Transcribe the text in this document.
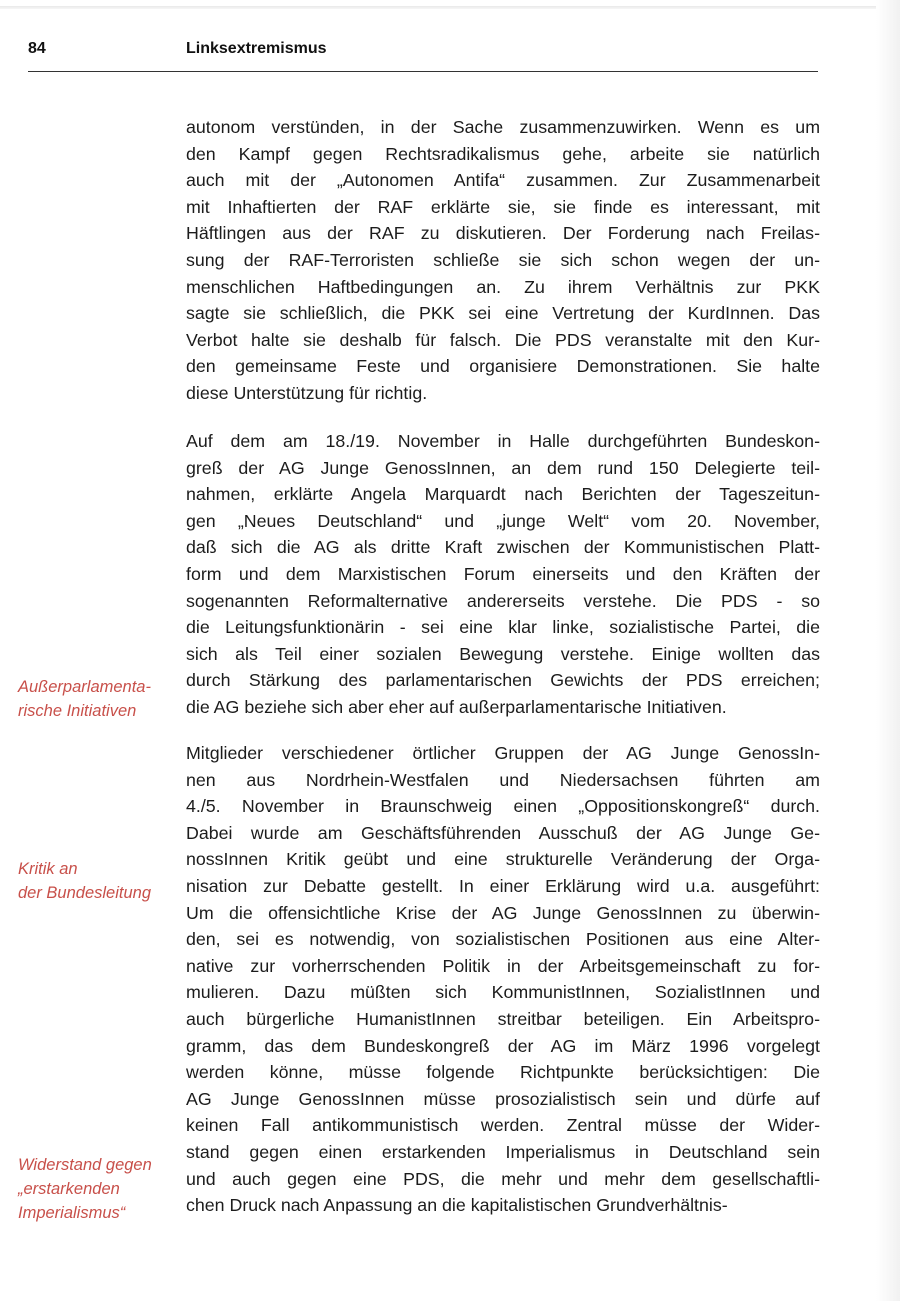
84	Linksextremismus

autonom verstünden, in der Sache zusammenzuwirken. Wenn es um
den Kampf gegen Rechtsradikalismus gehe, arbeite sie natürlich
auch mit der „Autonomen Antifa“ zusammen. Zur Zusammenarbeit
mit Inhaftierten der RAF erklärte sie, sie finde es interessant, mit
Häftlingen aus der RAF zu diskutieren. Der Forderung nach Freilas-
sung der RAF-Terroristen schließe sie sich schon wegen der un-
menschlichen Haftbedingungen an. Zu ihrem Verhältnis zur PKK
sagte sie schließlich, die PKK sei eine Vertretung der KurdInnen. Das
Verbot halte sie deshalb für falsch. Die PDS veranstalte mit den Kur-
den gemeinsame Feste und organisiere Demonstrationen. Sie halte
diese Unterstützung für richtig.

Auf dem am 18./19. November in Halle durchgeführten Bundeskon-
greß der AG Junge GenossInnen, an dem rund 150 Delegierte teil-
nahmen, erklärte Angela Marquardt nach Berichten der Tageszeitun-
gen „Neues Deutschland“ und „junge Welt“ vom 20. November,
daß sich die AG als dritte Kraft zwischen der Kommunistischen Platt-
form und dem Marxistischen Forum einerseits und den Kräften der
sogenannten Reformalternative andererseits verstehe. Die PDS - so
die Leitungsfunktionärin - sei eine klar linke, sozialistische Partei, die
sich als Teil einer sozialen Bewegung verstehe. Einige wollten das
durch Stärkung des parlamentarischen Gewichts der PDS erreichen;
die AG beziehe sich aber eher auf außerparlamentarische Initiativen.

Mitglieder verschiedener örtlicher Gruppen der AG Junge GenossIn-
nen aus Nordrhein-Westfalen und Niedersachsen führten am
4./5. November in Braunschweig einen „Oppositionskongreß“ durch.
Dabei wurde am Geschäftsführenden Ausschuß der AG Junge Ge-
nossInnen Kritik geübt und eine strukturelle Veränderung der Orga-
nisation zur Debatte gestellt. In einer Erklärung wird u.a. ausgeführt:
Um die offensichtliche Krise der AG Junge GenossInnen zu überwin-
den, sei es notwendig, von sozialistischen Positionen aus eine Alter-
native zur vorherrschenden Politik in der Arbeitsgemeinschaft zu for-
mulieren. Dazu müßten sich KommunistInnen, SozialistInnen und
auch bürgerliche HumanistInnen streitbar beteiligen. Ein Arbeitspro-
gramm, das dem Bundeskongreß der AG im März 1996 vorgelegt
werden könne, müsse folgende Richtpunkte berücksichtigen: Die
AG Junge GenossInnen müsse prosozialistisch sein und dürfe auf
keinen Fall antikommunistisch werden. Zentral müsse der Wider-
stand gegen einen erstarkenden Imperialismus in Deutschland sein
und auch gegen eine PDS, die mehr und mehr dem gesellschaftli-
chen Druck nach Anpassung an die kapitalistischen Grundverhältnis-

Außerparlamenta-
rische Initiativen
Kritik an
der Bundesleitung
Widerstand gegen
„erstarkenden
Imperialismus“
